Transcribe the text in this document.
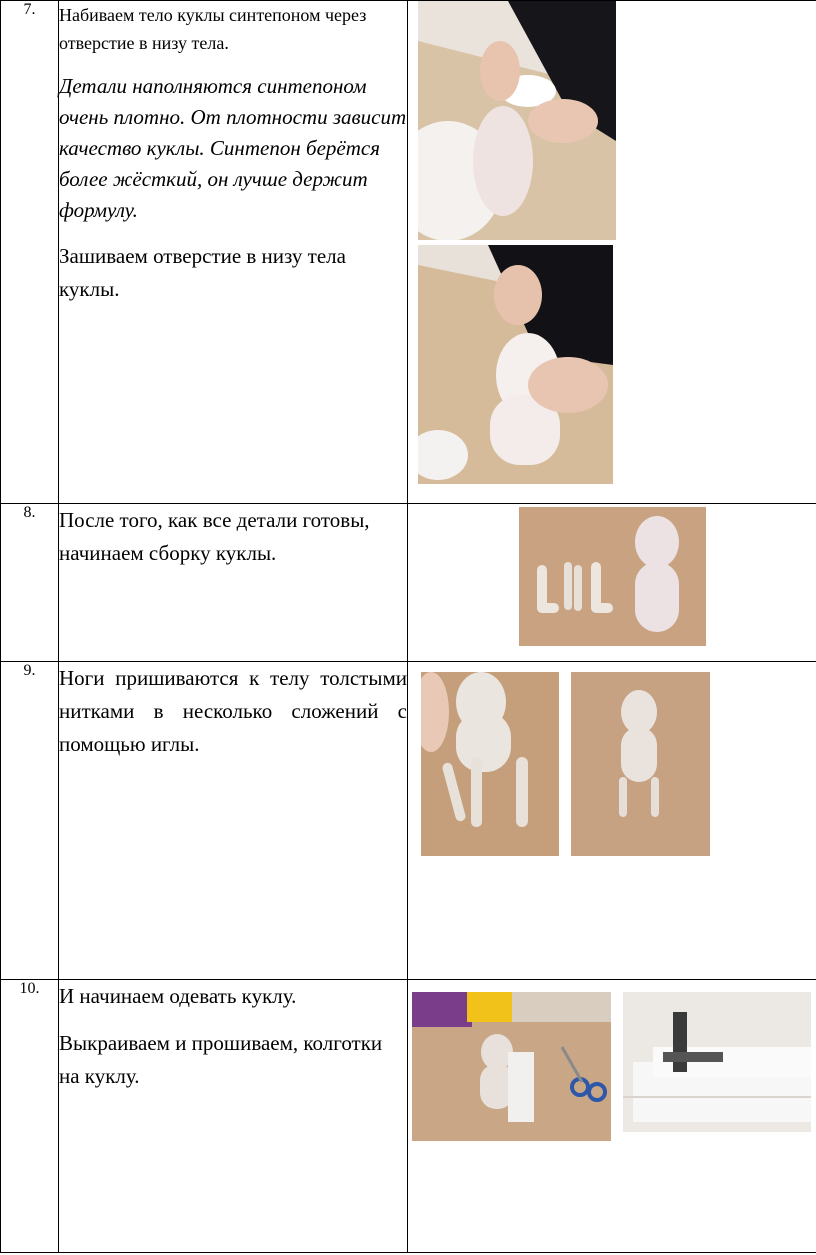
7.	Набиваем тело куклы синтепоном через отверстие в низу тела.

Детали наполняются синтепоном очень плотно. От плотности зависит качество куклы. Синтепон берётся более жёсткий, он лучше держит формулу.

Зашиваем отверстие в низу тела куклы.

8.	После того, как все детали готовы, начинаем сборку куклы.

9.	Ноги пришиваются к телу толстыми нитками в несколько сложений с помощью иглы.

10.	И начинаем одевать куклу.

Выкраиваем и прошиваем, колготки на куклу.
